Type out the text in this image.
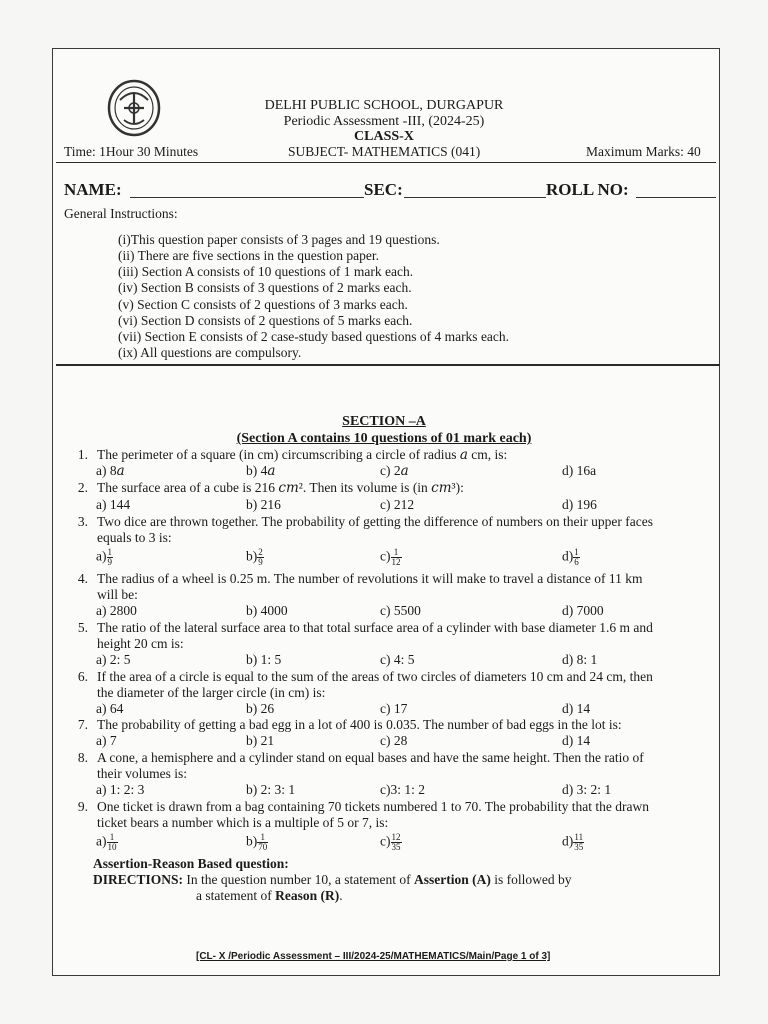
DELHI PUBLIC SCHOOL, DURGAPUR
Periodic Assessment -III, (2024-25)
CLASS-X
Time: 1Hour 30 Minutes	SUBJECT- MATHEMATICS (041)	Maximum Marks: 40
NAME:	SEC:	ROLL NO:
General Instructions:
(i)This question paper consists of 3 pages and 19 questions.
(ii) There are five sections in the question paper.
(iii) Section A consists of 10 questions of 1 mark each.
(iv) Section B consists of 3 questions of 2 marks each.
(v) Section C consists of 2 questions of 3 marks each.
(vi) Section D consists of 2 questions of 5 marks each.
(vii) Section E consists of 2 case-study based questions of 4 marks each.
(ix) All questions are compulsory.
SECTION –A
(Section A contains 10 questions of 01 mark each)
1. The perimeter of a square (in cm) circumscribing a circle of radius 𝑎 cm, is:
a) 8𝑎	b) 4𝑎	c) 2𝑎	d) 16a
2. The surface area of a cube is 216 𝑐𝑚². Then its volume is (in 𝑐𝑚³):
a) 144	b) 216	c) 212	d) 196
3. Two dice are thrown together. The probability of getting the difference of numbers on their upper faces
equals to 3 is:
$a) \frac{1}{9}$	$b) \frac{2}{9}$	$c) \frac{1}{12}$	$d) \frac{1}{6}$
4. The radius of a wheel is 0.25 m. The number of revolutions it will make to travel a distance of 11 km
will be:
a) 2800	b) 4000	c) 5500	d) 7000
5. The ratio of the lateral surface area to that total surface area of a cylinder with base diameter 1.6 m and
height 20 cm is:
a) 2: 5	b) 1: 5	c) 4: 5	d) 8: 1
6. If the area of a circle is equal to the sum of the areas of two circles of diameters 10 cm and 24 cm, then
the diameter of the larger circle (in cm) is:
a) 64	b) 26	c) 17	d) 14
7. The probability of getting a bad egg in a lot of 400 is 0.035. The number of bad eggs in the lot is:
a) 7	b) 21	c) 28	d) 14
8. A cone, a hemisphere and a cylinder stand on equal bases and have the same height. Then the ratio of
their volumes is:
a) 1: 2: 3	b) 2: 3: 1	c)3: 1: 2	d) 3: 2: 1
9. One ticket is drawn from a bag containing 70 tickets numbered 1 to 70. The probability that the drawn
ticket bears a number which is a multiple of 5 or 7, is:
$a) \frac{1}{10}$	$b) \frac{1}{70}$	$c) \frac{12}{35}$	$d) \frac{11}{35}$
Assertion-Reason Based question:
DIRECTIONS: In the question number 10, a statement of Assertion (A) is followed by
a statement of Reason (R).
[CL- X /Periodic Assessment – III/2024-25/MATHEMATICS/Main/Page 1 of 3]
